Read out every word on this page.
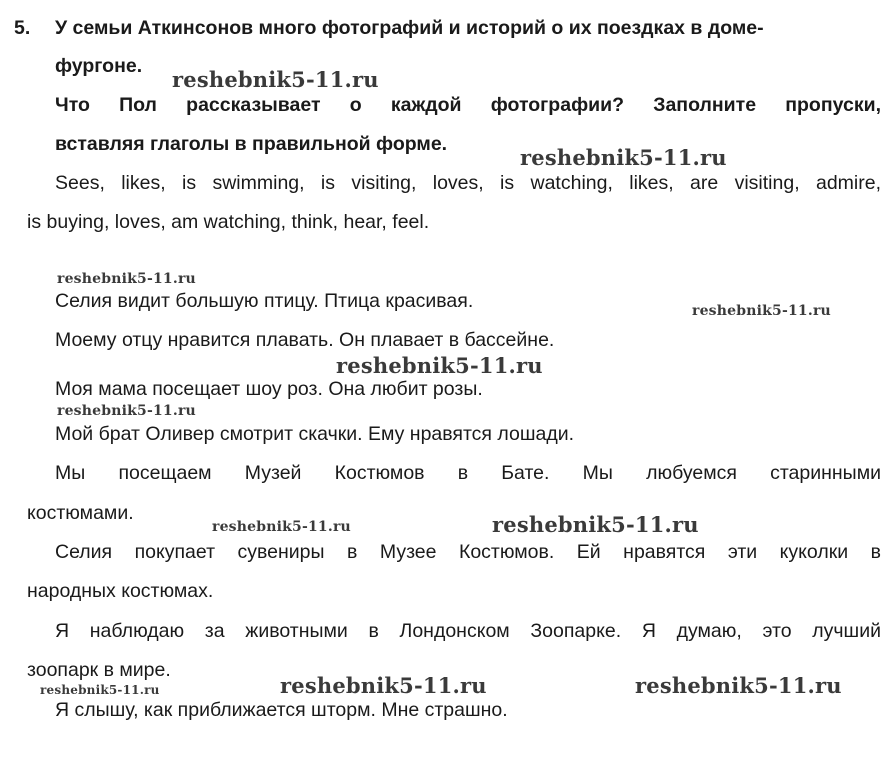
5. У семьи Аткинсонов много фотографий и историй о их поездках в доме-
фургоне.
Что Пол рассказывает о каждой фотографии? Заполните пропуски,
вставляя глаголы в правильной форме.
Sees, likes, is swimming, is visiting, loves, is watching, likes, are visiting, admire,
is buying, loves, am watching, think, hear, feel.
Селия видит большую птицу. Птица красивая.
Моему отцу нравится плавать. Он плавает в бассейне.
Моя мама посещает шоу роз. Она любит розы.
Мой брат Оливер смотрит скачки. Ему нравятся лошади.
Мы посещаем Музей Костюмов в Бате. Мы любуемся старинными
костюмами.
Селия покупает сувениры в Музее Костюмов. Ей нравятся эти куколки в
народных костюмах.
Я наблюдаю за животными в Лондонском Зоопарке. Я думаю, это лучший
зоопарк в мире.
Я слышу, как приближается шторм. Мне страшно.
reshebnik5-11.ru
reshebnik5-11.ru
reshebnik5-11.ru
reshebnik5-11.ru
reshebnik5-11.ru
reshebnik5-11.ru
reshebnik5-11.ru	reshebnik5-11.ru
reshebnik5-11.ru	reshebnik5-11.ru	reshebnik5-11.ru
